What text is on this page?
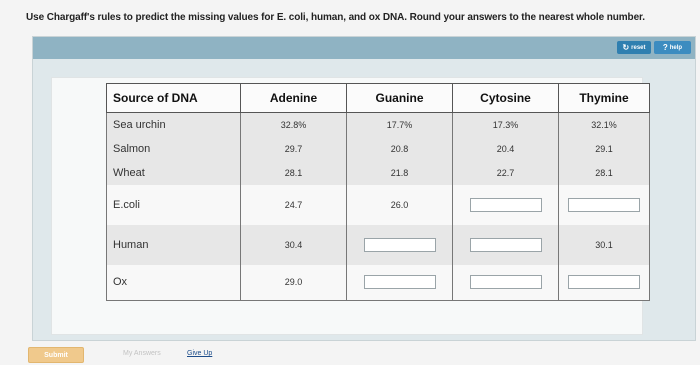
Use Chargaff's rules to predict the missing values for E. coli, human, and ox DNA. Round your answers to the nearest whole number.
↻ reset ? help
Source of DNA	Adenine	Guanine	Cytosine	Thymine
Sea urchin	32.8%	17.7%	17.3%	32.1%
Salmon	29.7	20.8	20.4	29.1
Wheat	28.1	21.8	22.7	28.1
E.coli	24.7	26.0		
Human	30.4			30.1
Ox	29.0			
Submit	My Answers	Give Up
